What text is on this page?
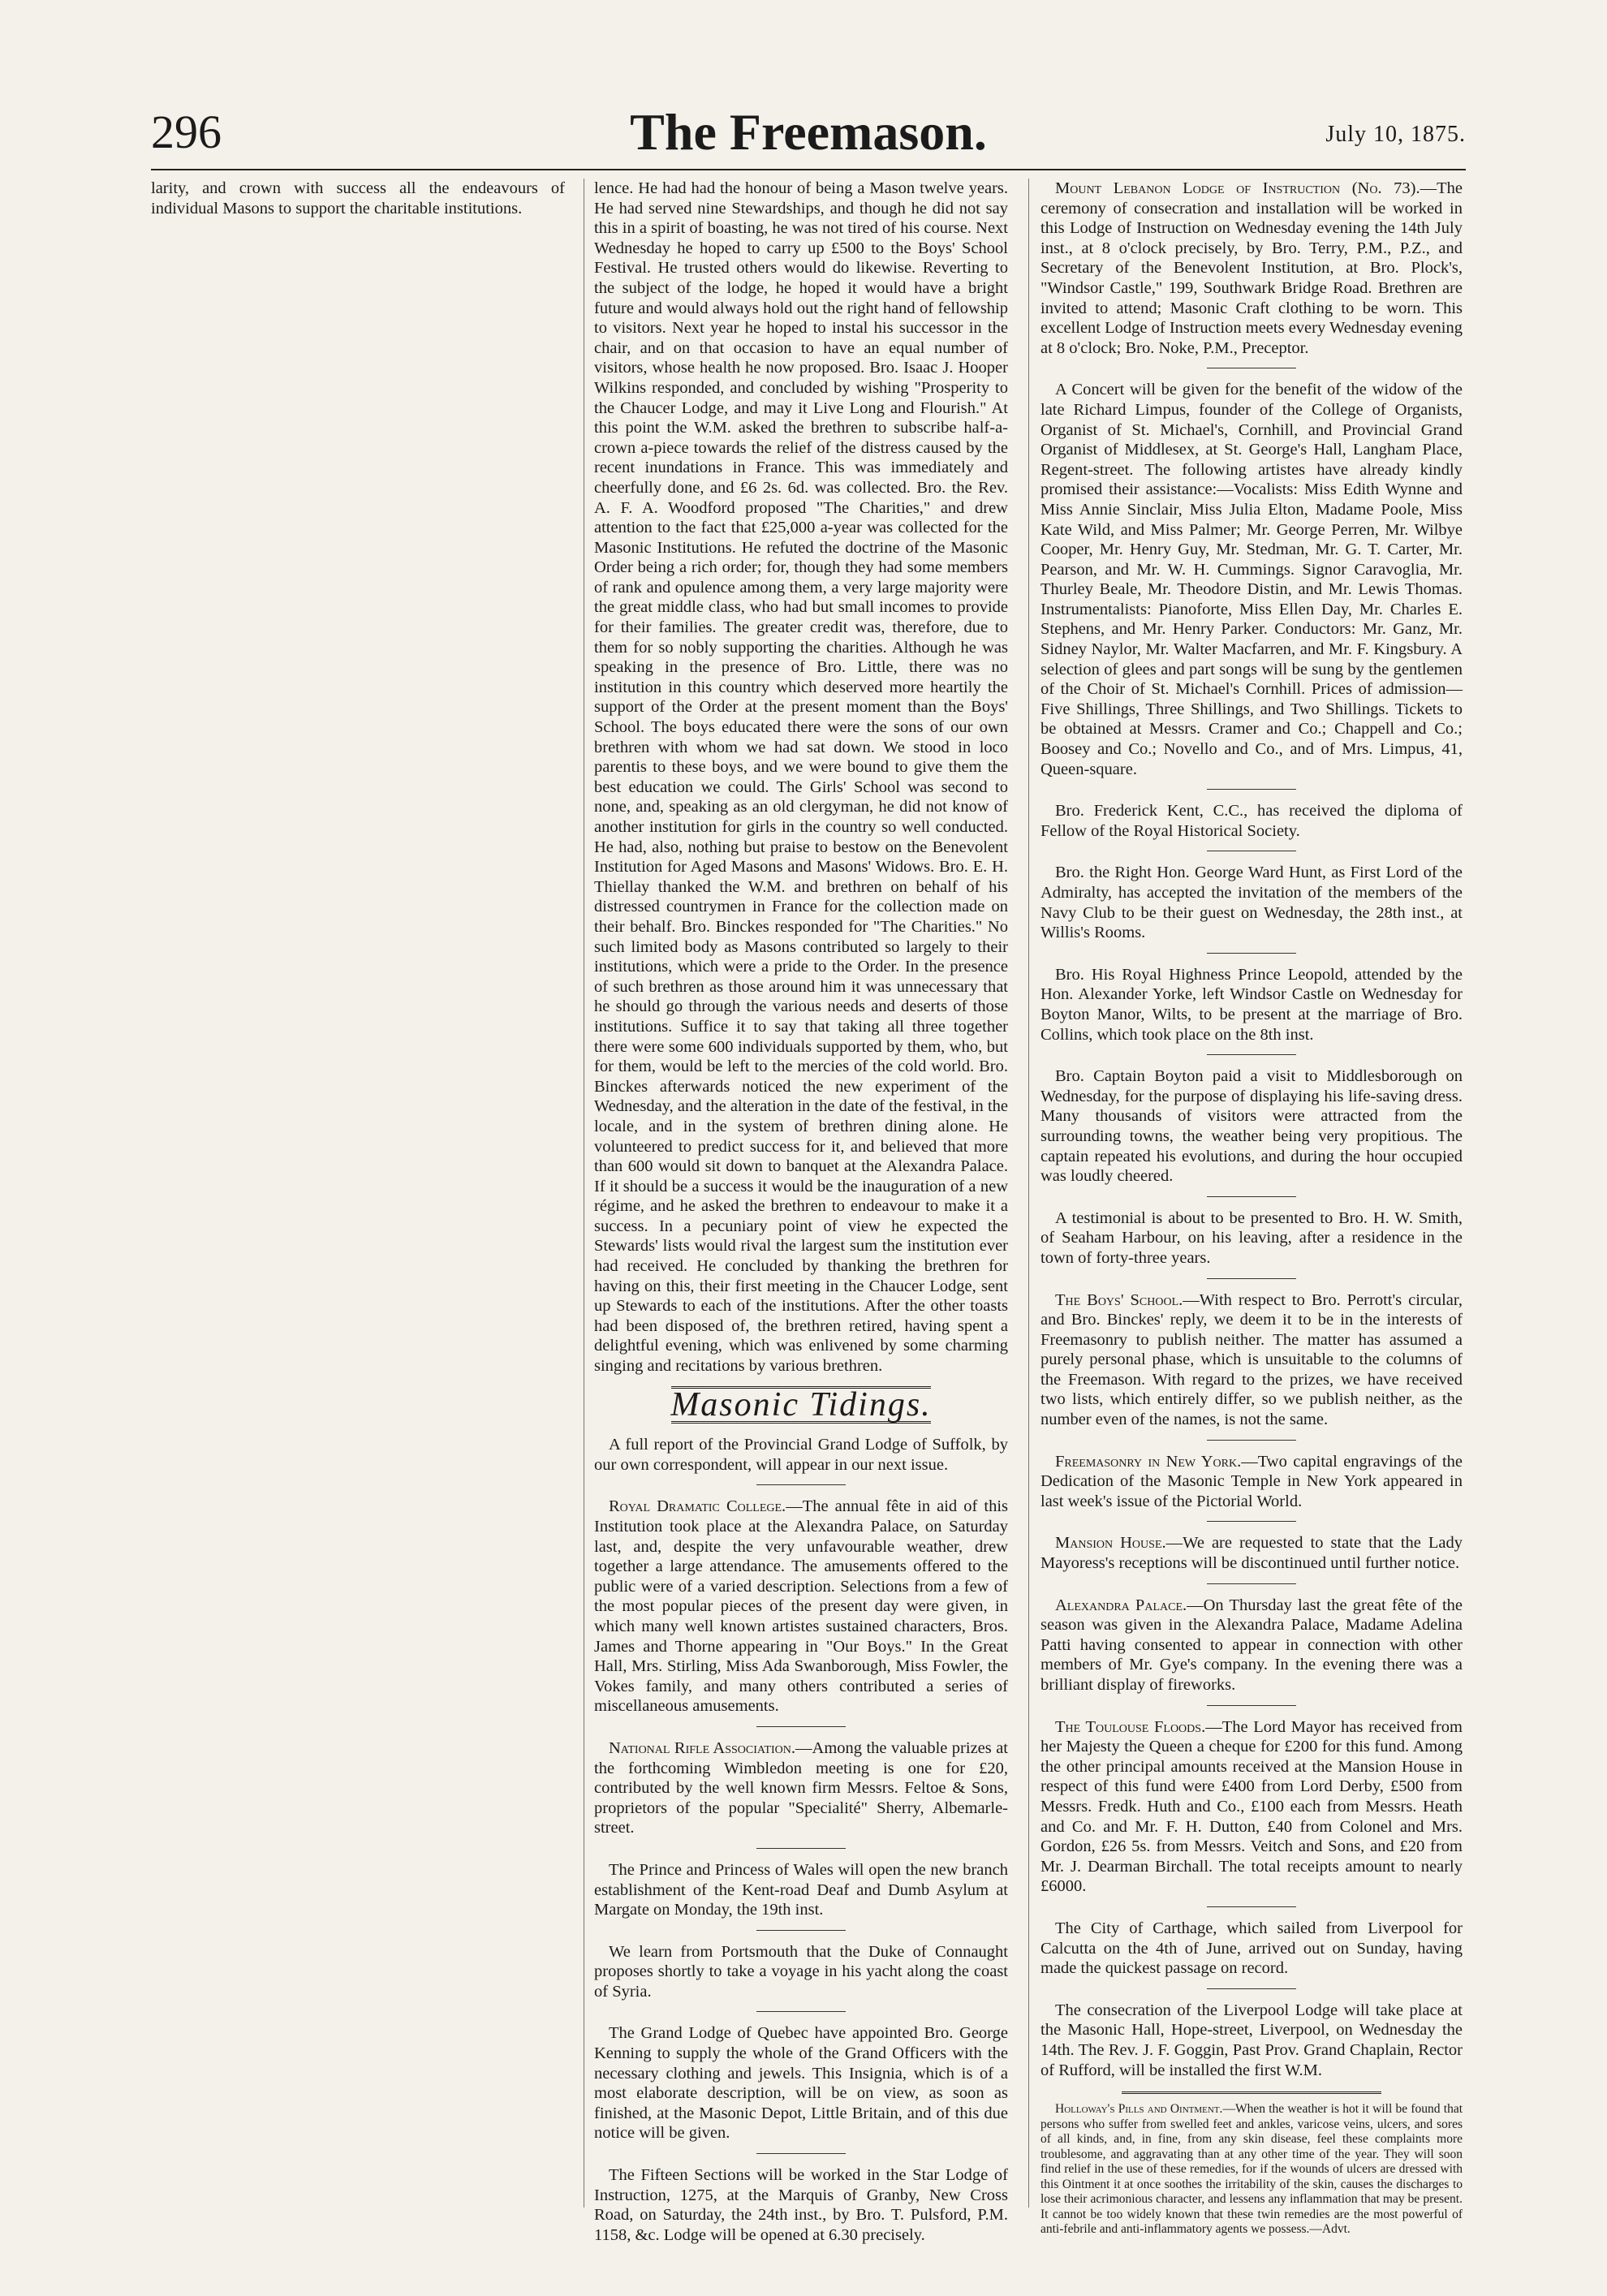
296	The Freemason.	July 10, 1875.

larity, and crown with success all the endeavours of individual Masons to support the charitable institutions.

lence. He had had the honour of being a Mason twelve years. He had served nine Stewardships, and though he did not say this in a spirit of boasting, he was not tired of his course. Next Wednesday he hoped to carry up £500 to the Boys' School Festival. He trusted others would do likewise. Reverting to the subject of the lodge, he hoped it would have a bright future and would always hold out the right hand of fellowship to visitors. Next year he hoped to instal his successor in the chair, and on that occasion to have an equal number of visitors, whose health he now proposed. Bro. Isaac J. Hooper Wilkins responded, and concluded by wishing "Prosperity to the Chaucer Lodge, and may it Live Long and Flourish." At this point the W.M. asked the brethren to subscribe half-a-crown a-piece towards the relief of the distress caused by the recent inundations in France. This was immediately and cheerfully done, and £6 2s. 6d. was collected. Bro. the Rev. A. F. A. Woodford proposed "The Charities," and drew attention to the fact that £25,000 a-year was collected for the Masonic Institutions. He refuted the doctrine of the Masonic Order being a rich order; for, though they had some members of rank and opulence among them, a very large majority were the great middle class, who had but small incomes to provide for their families. The greater credit was, therefore, due to them for so nobly supporting the charities. Although he was speaking in the presence of Bro. Little, there was no institution in this country which deserved more heartily the support of the Order at the present moment than the Boys' School. The boys educated there were the sons of our own brethren with whom we had sat down. We stood in loco parentis to these boys, and we were bound to give them the best education we could. The Girls' School was second to none, and, speaking as an old clergyman, he did not know of another institution for girls in the country so well conducted. He had, also, nothing but praise to bestow on the Benevolent Institution for Aged Masons and Masons' Widows. Bro. E. H. Thiellay thanked the W.M. and brethren on behalf of his distressed countrymen in France for the collection made on their behalf. Bro. Binckes responded for "The Charities." No such limited body as Masons contributed so largely to their institutions, which were a pride to the Order. In the presence of such brethren as those around him it was unnecessary that he should go through the various needs and deserts of those institutions. Suffice it to say that taking all three together there were some 600 individuals supported by them, who, but for them, would be left to the mercies of the cold world. Bro. Binckes afterwards noticed the new experiment of the Wednesday, and the alteration in the date of the festival, in the locale, and in the system of brethren dining alone. He volunteered to predict success for it, and believed that more than 600 would sit down to banquet at the Alexandra Palace. If it should be a success it would be the inauguration of a new régime, and he asked the brethren to endeavour to make it a success. In a pecuniary point of view he expected the Stewards' lists would rival the largest sum the institution ever had received. He concluded by thanking the brethren for having on this, their first meeting in the Chaucer Lodge, sent up Stewards to each of the institutions. After the other toasts had been disposed of, the brethren retired, having spent a delightful evening, which was enlivened by some charming singing and recitations by various brethren.

Masonic Tidings.

A full report of the Provincial Grand Lodge of Suffolk, by our own correspondent, will appear in our next issue.

Royal Dramatic College.—The annual fête in aid of this Institution took place at the Alexandra Palace, on Saturday last, and, despite the very unfavourable weather, drew together a large attendance. The amusements offered to the public were of a varied description. Selections from a few of the most popular pieces of the present day were given, in which many well known artistes sustained characters, Bros. James and Thorne appearing in "Our Boys." In the Great Hall, Mrs. Stirling, Miss Ada Swanborough, Miss Fowler, the Vokes family, and many others contributed a series of miscellaneous amusements.

National Rifle Association.—Among the valuable prizes at the forthcoming Wimbledon meeting is one for £20, contributed by the well known firm Messrs. Feltoe & Sons, proprietors of the popular "Specialité" Sherry, Albemarle-street.

The Prince and Princess of Wales will open the new branch establishment of the Kent-road Deaf and Dumb Asylum at Margate on Monday, the 19th inst.

We learn from Portsmouth that the Duke of Connaught proposes shortly to take a voyage in his yacht along the coast of Syria.

The Grand Lodge of Quebec have appointed Bro. George Kenning to supply the whole of the Grand Officers with the necessary clothing and jewels. This Insignia, which is of a most elaborate description, will be on view, as soon as finished, at the Masonic Depot, Little Britain, and of this due notice will be given.

The Fifteen Sections will be worked in the Star Lodge of Instruction, 1275, at the Marquis of Granby, New Cross Road, on Saturday, the 24th inst., by Bro. T. Pulsford, P.M. 1158, &c. Lodge will be opened at 6.30 precisely.

Mount Lebanon Lodge of Instruction (No. 73).—The ceremony of consecration and installation will be worked in this Lodge of Instruction on Wednesday evening the 14th July inst., at 8 o'clock precisely, by Bro. Terry, P.M., P.Z., and Secretary of the Benevolent Institution, at Bro. Plock's, "Windsor Castle," 199, Southwark Bridge Road. Brethren are invited to attend; Masonic Craft clothing to be worn. This excellent Lodge of Instruction meets every Wednesday evening at 8 o'clock; Bro. Noke, P.M., Preceptor.

A Concert will be given for the benefit of the widow of the late Richard Limpus, founder of the College of Organists, Organist of St. Michael's, Cornhill, and Provincial Grand Organist of Middlesex, at St. George's Hall, Langham Place, Regent-street. The following artistes have already kindly promised their assistance:—Vocalists: Miss Edith Wynne and Miss Annie Sinclair, Miss Julia Elton, Madame Poole, Miss Kate Wild, and Miss Palmer; Mr. George Perren, Mr. Wilbye Cooper, Mr. Henry Guy, Mr. Stedman, Mr. G. T. Carter, Mr. Pearson, and Mr. W. H. Cummings. Signor Caravoglia, Mr. Thurley Beale, Mr. Theodore Distin, and Mr. Lewis Thomas. Instrumentalists: Pianoforte, Miss Ellen Day, Mr. Charles E. Stephens, and Mr. Henry Parker. Conductors: Mr. Ganz, Mr. Sidney Naylor, Mr. Walter Macfarren, and Mr. F. Kingsbury. A selection of glees and part songs will be sung by the gentlemen of the Choir of St. Michael's Cornhill. Prices of admission—Five Shillings, Three Shillings, and Two Shillings. Tickets to be obtained at Messrs. Cramer and Co.; Chappell and Co.; Boosey and Co.; Novello and Co., and of Mrs. Limpus, 41, Queen-square.

Bro. Frederick Kent, C.C., has received the diploma of Fellow of the Royal Historical Society.

Bro. the Right Hon. George Ward Hunt, as First Lord of the Admiralty, has accepted the invitation of the members of the Navy Club to be their guest on Wednesday, the 28th inst., at Willis's Rooms.

Bro. His Royal Highness Prince Leopold, attended by the Hon. Alexander Yorke, left Windsor Castle on Wednesday for Boyton Manor, Wilts, to be present at the marriage of Bro. Collins, which took place on the 8th inst.

Bro. Captain Boyton paid a visit to Middlesborough on Wednesday, for the purpose of displaying his life-saving dress. Many thousands of visitors were attracted from the surrounding towns, the weather being very propitious. The captain repeated his evolutions, and during the hour occupied was loudly cheered.

A testimonial is about to be presented to Bro. H. W. Smith, of Seaham Harbour, on his leaving, after a residence in the town of forty-three years.

The Boys' School.—With respect to Bro. Perrott's circular, and Bro. Binckes' reply, we deem it to be in the interests of Freemasonry to publish neither. The matter has assumed a purely personal phase, which is unsuitable to the columns of the Freemason. With regard to the prizes, we have received two lists, which entirely differ, so we publish neither, as the number even of the names, is not the same.

Freemasonry in New York.—Two capital engravings of the Dedication of the Masonic Temple in New York appeared in last week's issue of the Pictorial World.

Mansion House.—We are requested to state that the Lady Mayoress's receptions will be discontinued until further notice.

Alexandra Palace.—On Thursday last the great fête of the season was given in the Alexandra Palace, Madame Adelina Patti having consented to appear in connection with other members of Mr. Gye's company. In the evening there was a brilliant display of fireworks.

The Toulouse Floods.—The Lord Mayor has received from her Majesty the Queen a cheque for £200 for this fund. Among the other principal amounts received at the Mansion House in respect of this fund were £400 from Lord Derby, £500 from Messrs. Fredk. Huth and Co., £100 each from Messrs. Heath and Co. and Mr. F. H. Dutton, £40 from Colonel and Mrs. Gordon, £26 5s. from Messrs. Veitch and Sons, and £20 from Mr. J. Dearman Birchall. The total receipts amount to nearly £6000.

The City of Carthage, which sailed from Liverpool for Calcutta on the 4th of June, arrived out on Sunday, having made the quickest passage on record.

The consecration of the Liverpool Lodge will take place at the Masonic Hall, Hope-street, Liverpool, on Wednesday the 14th. The Rev. J. F. Goggin, Past Prov. Grand Chaplain, Rector of Rufford, will be installed the first W.M.

Holloway's Pills and Ointment.—When the weather is hot it will be found that persons who suffer from swelled feet and ankles, varicose veins, ulcers, and sores of all kinds, and, in fine, from any skin disease, feel these complaints more troublesome, and aggravating than at any other time of the year. They will soon find relief in the use of these remedies, for if the wounds of ulcers are dressed with this Ointment it at once soothes the irritability of the skin, causes the discharges to lose their acrimonious character, and lessens any inflammation that may be present. It cannot be too widely known that these twin remedies are the most powerful of anti-febrile and anti-inflammatory agents we possess.—Advt.
